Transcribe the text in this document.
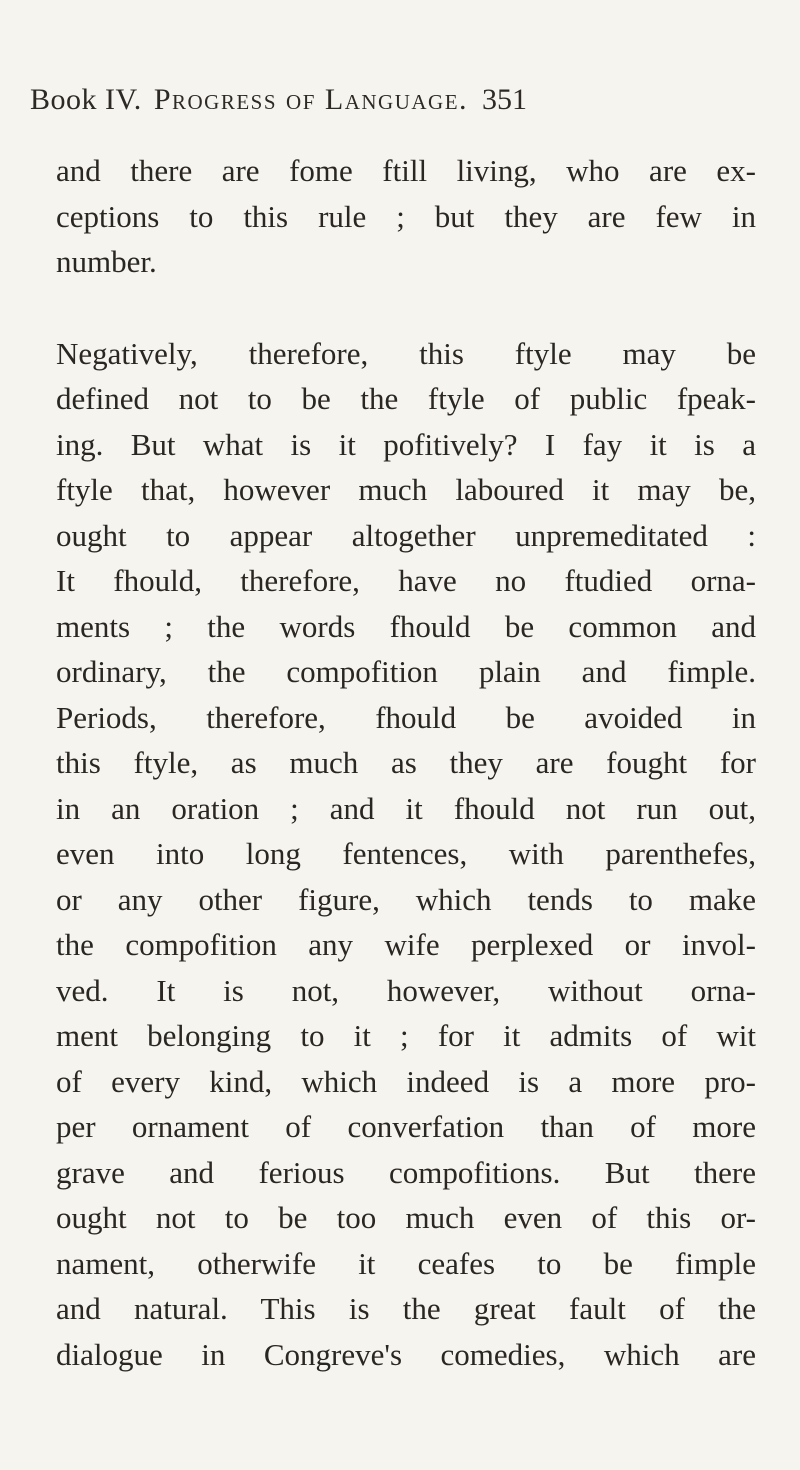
Book IV. Progress of Language. 351
and there are fome ftill living, who are ex-
ceptions to this rule ; but they are few in
number.
Negatively, therefore, this ftyle may be
defined not to be the ftyle of public fpeak-
ing. But what is it pofitively? I fay it is a
ftyle that, however much laboured it may be,
ought to appear altogether unpremeditated :
It fhould, therefore, have no ftudied orna-
ments ; the words fhould be common and
ordinary, the compofition plain and fimple.
Periods, therefore, fhould be avoided in
this ftyle, as much as they are fought for
in an oration ; and it fhould not run out,
even into long fentences, with parenthefes,
or any other figure, which tends to make
the compofition any wife perplexed or invol-
ved. It is not, however, without orna-
ment belonging to it ; for it admits of wit
of every kind, which indeed is a more pro-
per ornament of converfation than of more
grave and ferious compofitions. But there
ought not to be too much even of this or-
nament, otherwife it ceafes to be fimple
and natural. This is the great fault of the
dialogue in Congreve's comedies, which are
